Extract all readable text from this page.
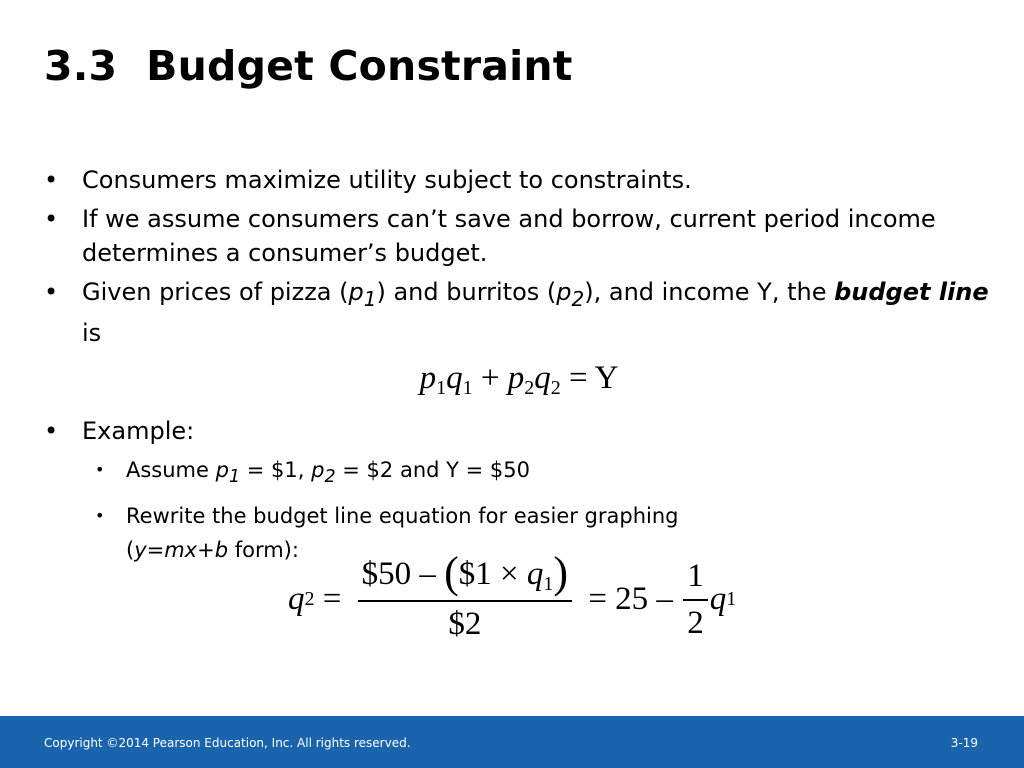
3.3  Budget Constraint
• Consumers maximize utility subject to constraints.
• If we assume consumers can’t save and borrow, current period income determines a consumer’s budget.
• Given prices of pizza $(p_1)$ and burritos $(p_2)$, and income Y, the budget line is
$p_1q_1 + p_2q_2 = Y$
• Example:
• Assume $p_1$ = $1, $p_2$ = $2 and Y = $50
• Rewrite the budget line equation for easier graphing
(y=mx+b form):
q $2 = \frac{\$50 - (\$1 \times q_1)}{\$2} = 25 - \frac{1}{2}$ q 1
Copyright ©2014 Pearson Education, Inc. All rights reserved.	3-19
